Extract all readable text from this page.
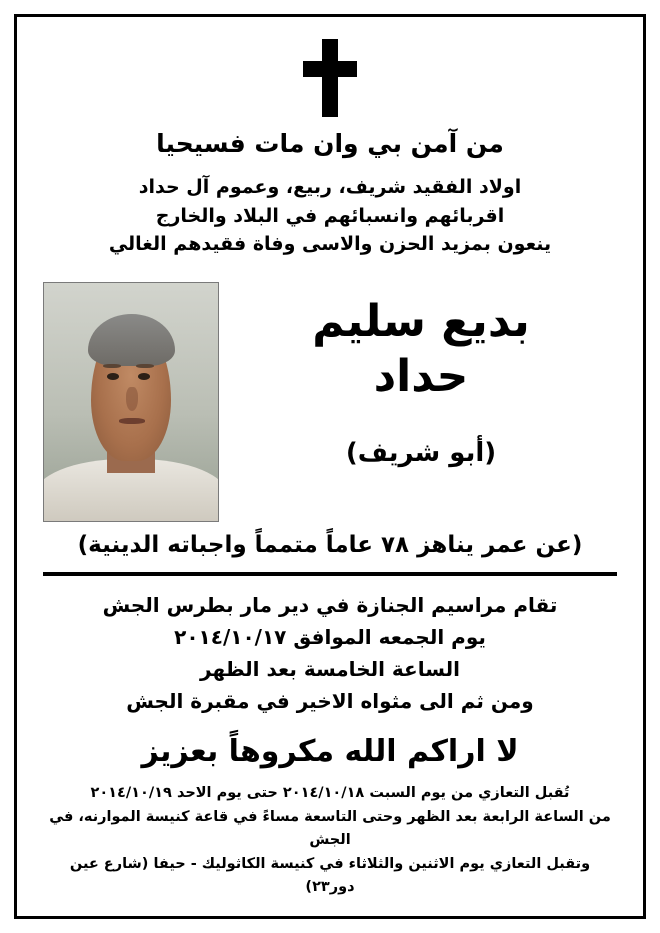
من آمن بي وان مات فسيحيا
اولاد الفقيد شريف، ربيع، وعموم آل حداد
اقربائهم وانسبائهم في البلاد والخارج
ينعون بمزيد الحزن والاسى وفاة فقيدهم الغالي
بديع سليم
حداد
(أبو شريف)
(عن عمر يناهز ٧٨ عاماً متمماً واجباته الدينية)
تقام مراسيم الجنازة في دير مار بطرس الجش
يوم الجمعه الموافق ٢٠١٤/١٠/١٧
الساعة الخامسة بعد الظهر
ومن ثم الى مثواه الاخير في مقبرة الجش
لا اراكم الله مكروهاً بعزيز
تُقبل التعازي من يوم السبت ٢٠١٤/١٠/١٨ حتى يوم الاحد ٢٠١٤/١٠/١٩
من الساعة الرابعة بعد الظهر وحتى التاسعة مساءً في قاعة كنيسة الموارنه، في الجش
وتقبل التعازي يوم الاثنين والثلاثاء في كنيسة الكاثوليك - حيفا (شارع عين دور٢٣)
